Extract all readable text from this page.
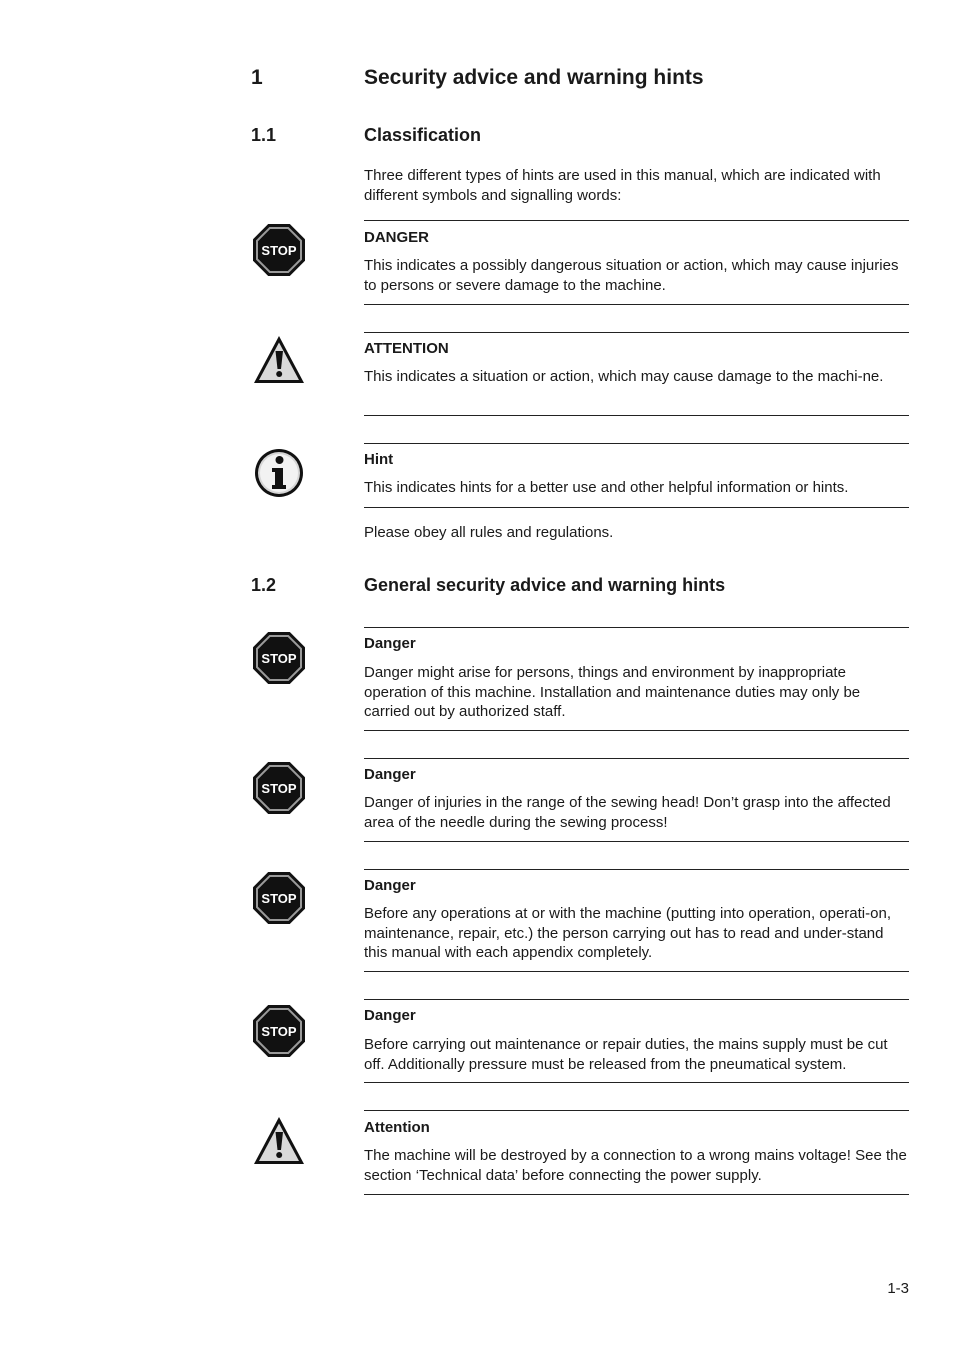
1	Security advice and warning hints
1.1	Classification
Three different types of hints are used in this manual, which are indicated with different symbols and signalling words:
STOP
DANGER
This indicates a possibly dangerous situation or action, which may cause injuries to persons or severe damage to the machine.
ATTENTION
This indicates a situation or action, which may cause damage to the machi-ne.
Hint
This indicates hints for a better use and other helpful information or hints.
Please obey all rules and regulations.
1.2	General security advice and warning hints
STOP
Danger
Danger might arise for persons, things and environment by inappropriate operation of this machine. Installation and maintenance duties may only be carried out by authorized staff.
STOP
Danger
Danger of injuries in the range of the sewing head! Don’t grasp into the affected area of the needle during the sewing process!
STOP
Danger
Before any operations at or with the machine (putting into operation, operati-on, maintenance, repair, etc.) the person carrying out has to read and under-stand this manual with each appendix completely.
STOP
Danger
Before carrying out maintenance or repair duties, the mains supply must be cut off. Additionally pressure must be released from the pneumatical system.
Attention
The machine will be destroyed by a connection to a wrong mains voltage! See the section ‘Technical data’ before connecting the power supply.
1-3
